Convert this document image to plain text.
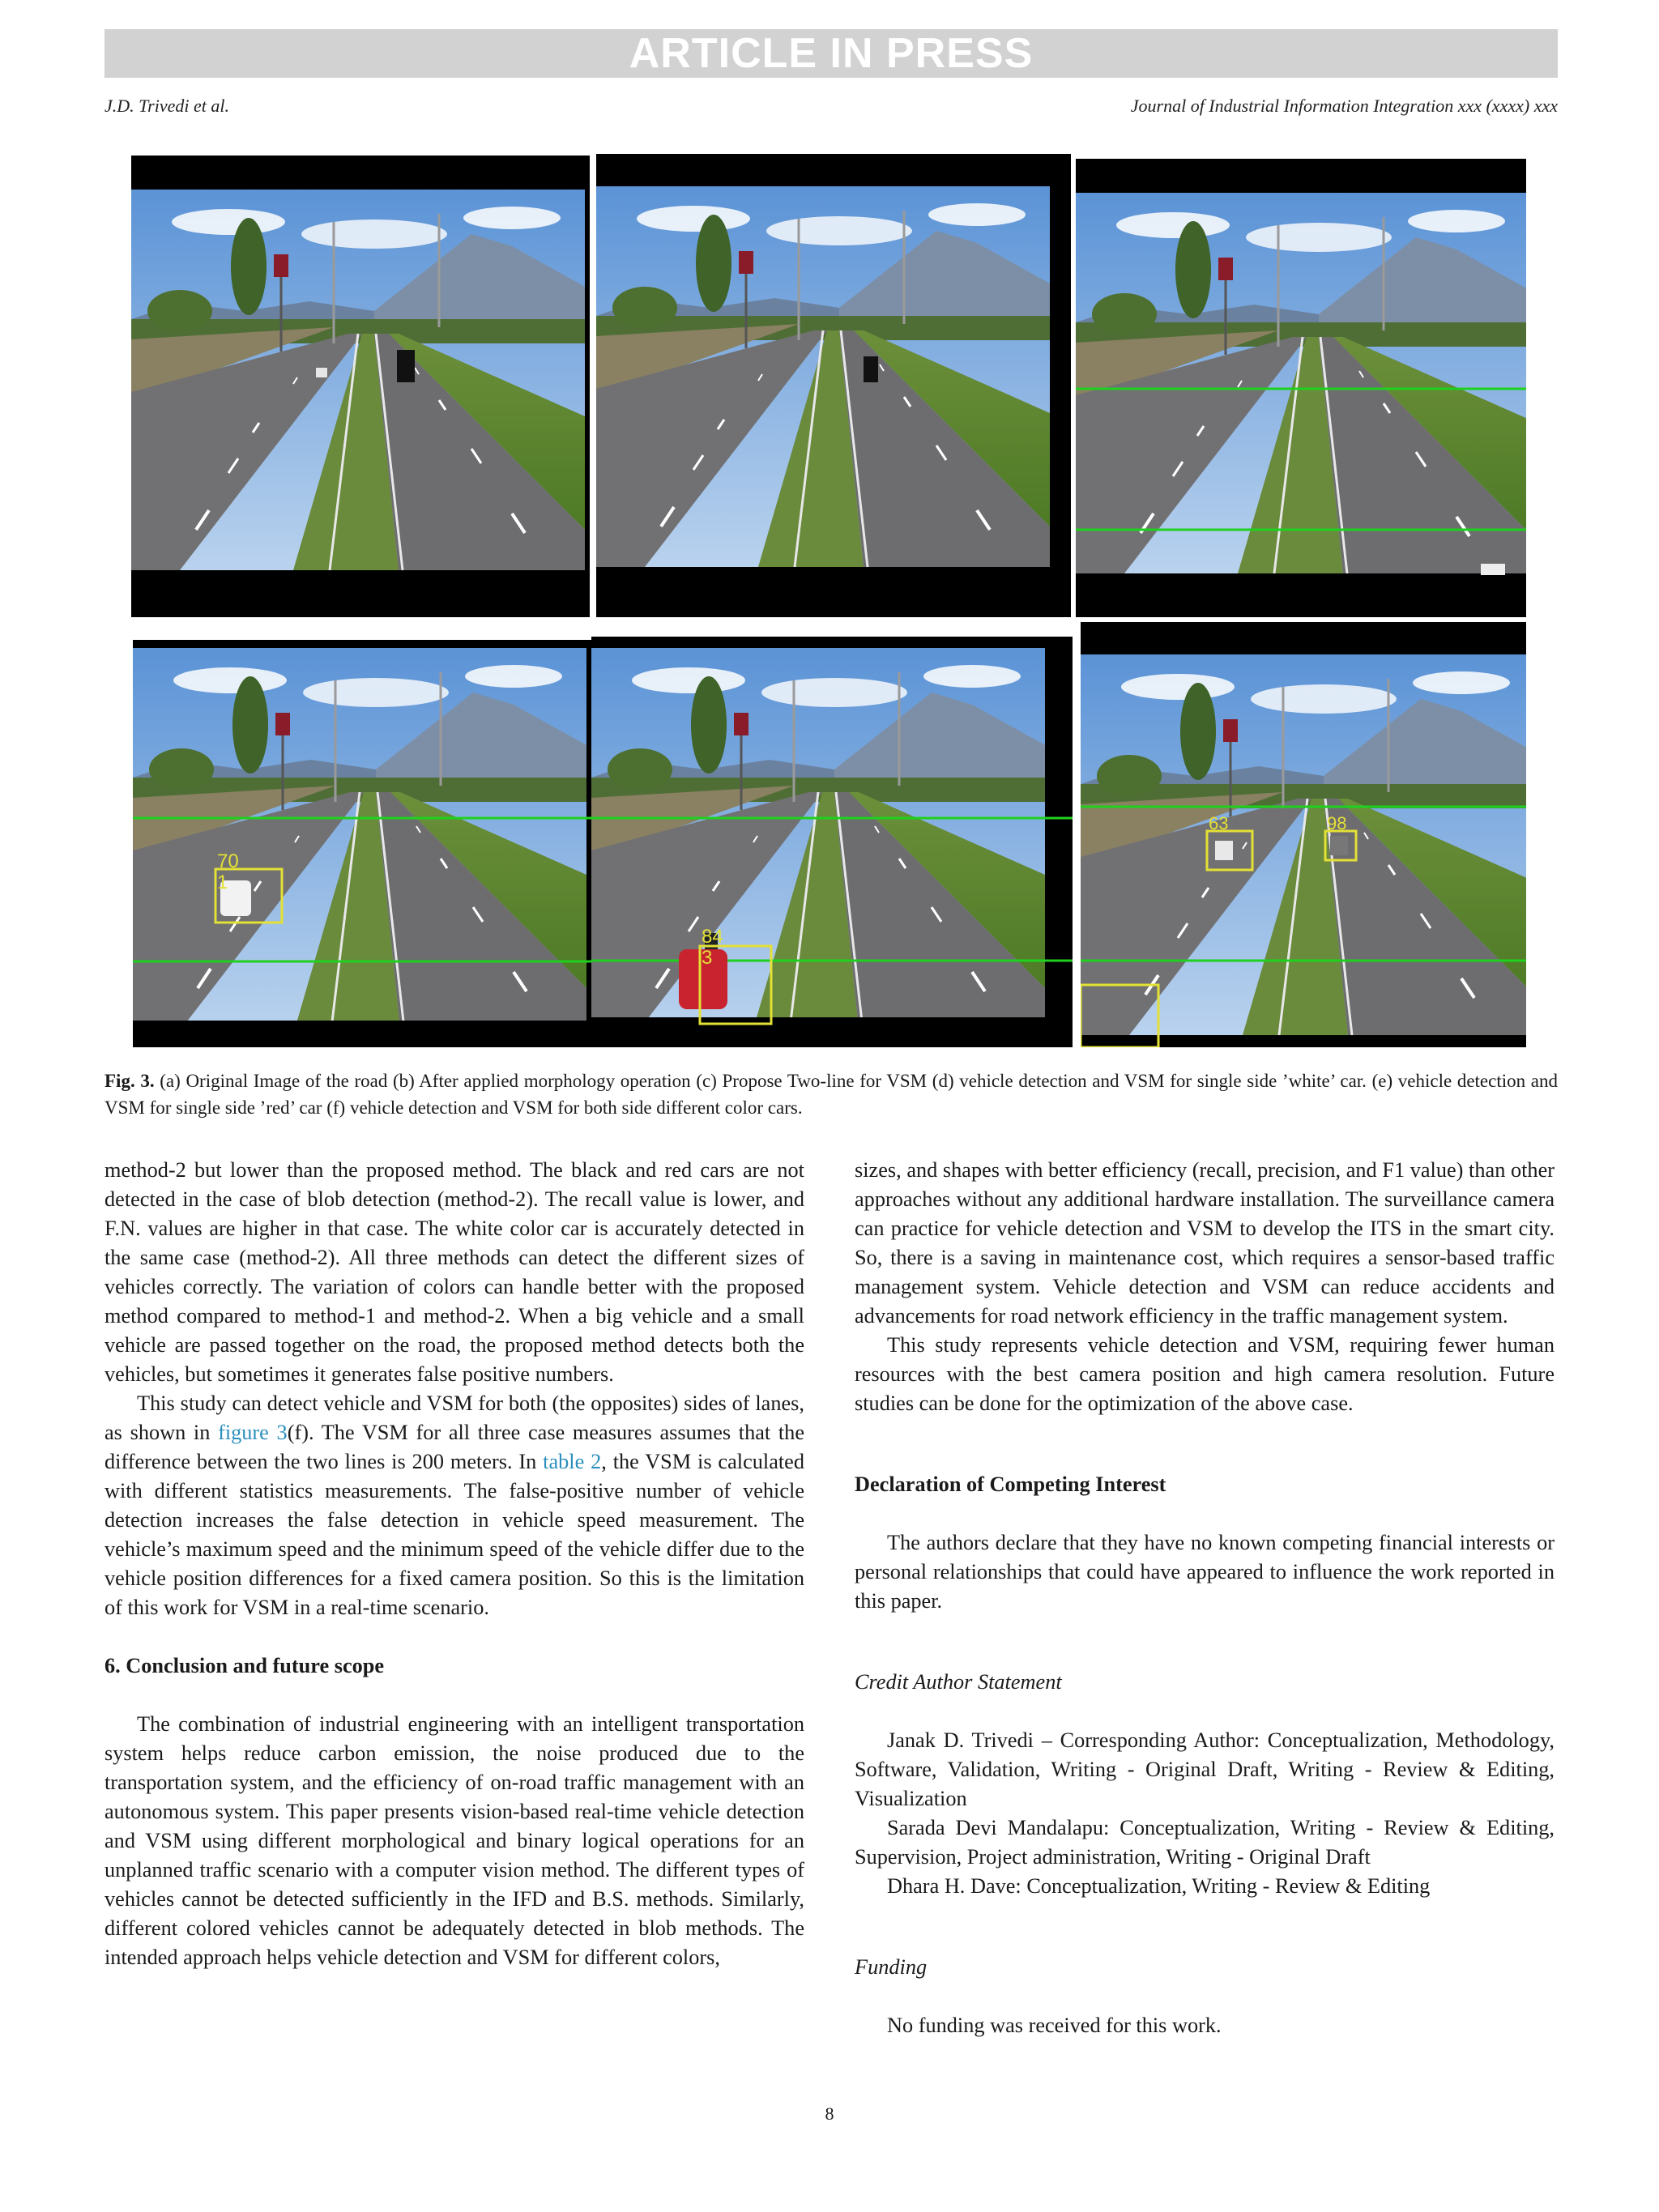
ARTICLE IN PRESS
J.D. Trivedi et al.	Journal of Industrial Information Integration xxx (xxxx) xxx
70
1
84
3
63	98
Fig. 3. (a) Original Image of the road (b) After applied morphology operation (c) Propose Two-line for VSM (d) vehicle detection and VSM for single side ’white’ car. (e) vehicle detection and VSM for single side ’red’ car (f) vehicle detection and VSM for both side different color cars.

method-2 but lower than the proposed method. The black and red cars are not detected in the case of blob detection (method-2). The recall value is lower, and F.N. values are higher in that case. The white color car is accurately detected in the same case (method-2). All three methods can detect the different sizes of vehicles correctly. The variation of colors can handle better with the proposed method compared to method-1 and method-2. When a big vehicle and a small vehicle are passed together on the road, the proposed method detects both the vehicles, but sometimes it generates false positive numbers.

This study can detect vehicle and VSM for both (the opposites) sides of lanes, as shown in figure 3(f). The VSM for all three case measures assumes that the difference between the two lines is 200 meters. In table 2, the VSM is calculated with different statistics measurements. The false-positive number of vehicle detection increases the false detection in vehicle speed measurement. The vehicle’s maximum speed and the minimum speed of the vehicle differ due to the vehicle position differences for a fixed camera position. So this is the limitation of this work for VSM in a real-time scenario.

6. Conclusion and future scope

The combination of industrial engineering with an intelligent transportation system helps reduce carbon emission, the noise produced due to the transportation system, and the efficiency of on-road traffic management with an autonomous system. This paper presents vision-based real-time vehicle detection and VSM using different morphological and binary logical operations for an unplanned traffic scenario with a computer vision method. The different types of vehicles cannot be detected sufficiently in the IFD and B.S. methods. Similarly, different colored vehicles cannot be adequately detected in blob methods. The intended approach helps vehicle detection and VSM for different colors,

sizes, and shapes with better efficiency (recall, precision, and F1 value) than other approaches without any additional hardware installation. The surveillance camera can practice for vehicle detection and VSM to develop the ITS in the smart city. So, there is a saving in maintenance cost, which requires a sensor-based traffic management system. Vehicle detection and VSM can reduce accidents and advancements for road network efficiency in the traffic management system.

This study represents vehicle detection and VSM, requiring fewer human resources with the best camera position and high camera resolution. Future studies can be done for the optimization of the above case.

Declaration of Competing Interest

The authors declare that they have no known competing financial interests or personal relationships that could have appeared to influence the work reported in this paper.

Credit Author Statement

Janak D. Trivedi – Corresponding Author: Conceptualization, Methodology, Software, Validation, Writing - Original Draft, Writing - Review & Editing, Visualization

Sarada Devi Mandalapu: Conceptualization, Writing - Review & Editing, Supervision, Project administration, Writing - Original Draft

Dhara H. Dave: Conceptualization, Writing - Review & Editing

Funding

No funding was received for this work.

8
